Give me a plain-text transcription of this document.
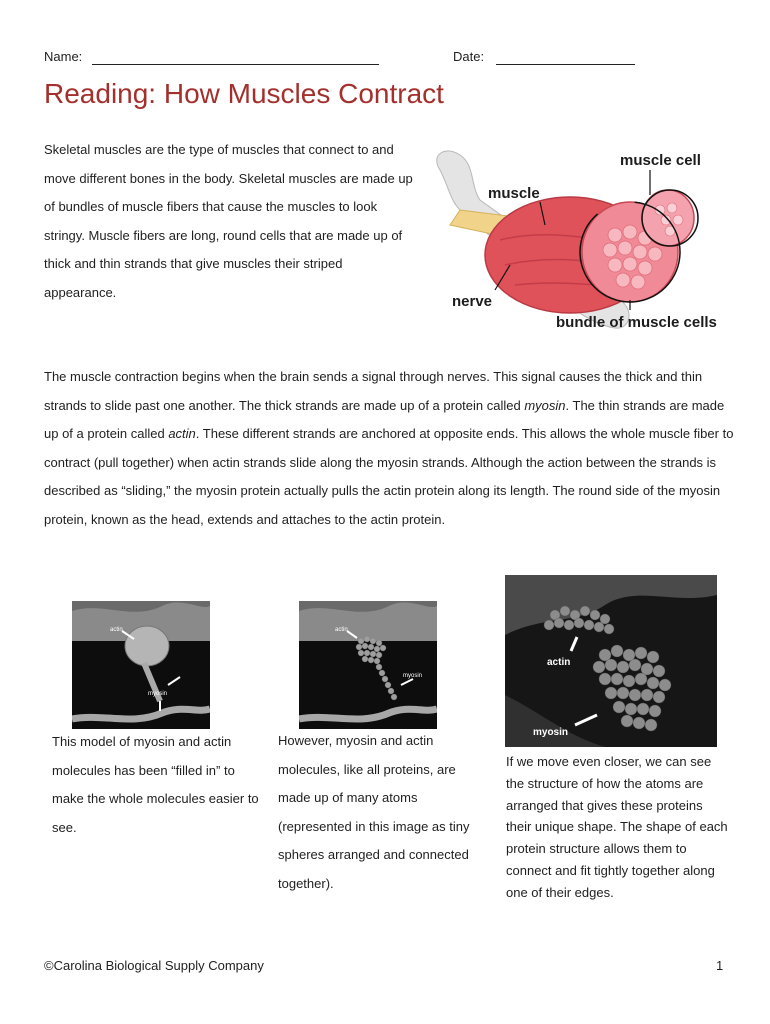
Name:	Date:
Reading: How Muscles Contract
Skeletal muscles are the type of muscles that connect to and move different bones in the body. Skeletal muscles are made up of bundles of muscle fibers that cause the muscles to look stringy. Muscle fibers are long, round cells that are made up of thick and thin strands that give muscles their striped appearance.
muscle
muscle cell
nerve
bundle of muscle cells
The muscle contraction begins when the brain sends a signal through nerves. This signal causes the thick and thin strands to slide past one another. The thick strands are made up of a protein called myosin. The thin strands are made up of a protein called actin. These different strands are anchored at opposite ends. This allows the whole muscle fiber to contract (pull together) when actin strands slide along the myosin strands. Although the action between the strands is described as “sliding,” the myosin protein actually pulls the actin protein along its length. The round side of the myosin protein, known as the head, extends and attaches to the actin protein.
actin
myosin
actin
myosin
actin
myosin
This model of myosin and actin molecules has been “filled in” to make the whole molecules easier to see.
However, myosin and actin molecules, like all proteins, are made up of many atoms (represented in this image as tiny spheres arranged and connected together).
If we move even closer, we can see the structure of how the atoms are arranged that gives these proteins their unique shape. The shape of each protein structure allows them to connect and fit tightly together along one of their edges.
©Carolina Biological Supply Company	1
